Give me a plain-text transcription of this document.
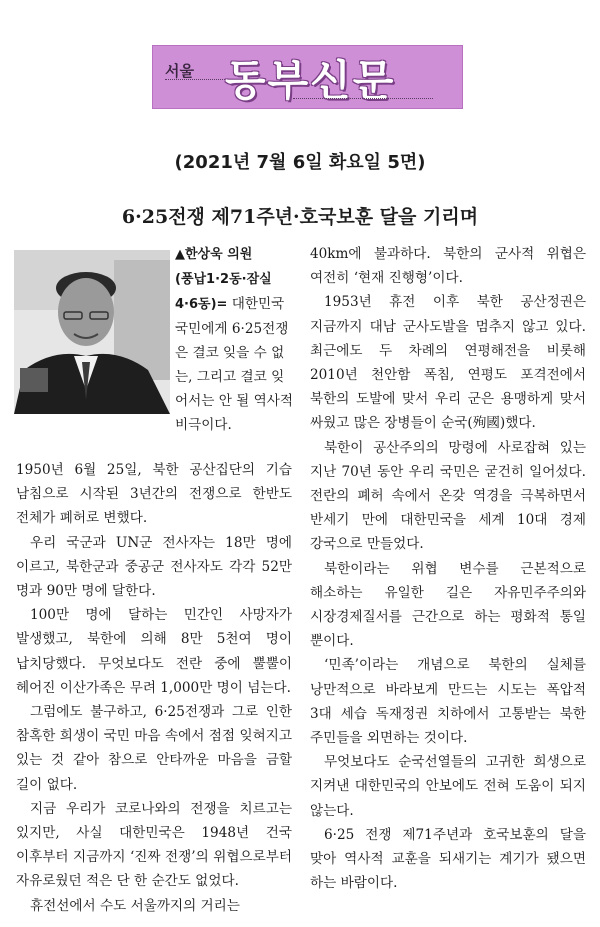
서울 동부신문
(2021년 7월 6일 화요일 5면)
6·25전쟁 제71주년·호국보훈 달을 기리며
▲한상욱 의원
(풍납1·2동·잠실 4·6동)= 대한민국 국민에게 6·25전쟁은 결코 잊을 수 없는, 그리고 결코 잊어서는 안 될 역사적 비극이다.

1950년 6월 25일, 북한 공산집단의 기습 남침으로 시작된 3년간의 전쟁으로 한반도 전체가 폐허로 변했다.

우리 국군과 UN군 전사자는 18만 명에 이르고, 북한군과 중공군 전사자도 각각 52만 명과 90만 명에 달한다.

100만 명에 달하는 민간인 사망자가 발생했고, 북한에 의해 8만 5천여 명이 납치당했다. 무엇보다도 전란 중에 뿔뿔이 헤어진 이산가족은 무려 1,000만 명이 넘는다.

그럼에도 불구하고, 6·25전쟁과 그로 인한 참혹한 희생이 국민 마음 속에서 점점 잊혀지고 있는 것 같아 참으로 안타까운 마음을 금할 길이 없다.

지금 우리가 코로나와의 전쟁을 치르고는 있지만, 사실 대한민국은 1948년 건국 이후부터 지금까지 ‘진짜 전쟁’의 위협으로부터 자유로웠던 적은 단 한 순간도 없었다.

휴전선에서 수도 서울까지의 거리는

40km에 불과하다. 북한의 군사적 위협은 여전히 ‘현재 진행형’이다.

1953년 휴전 이후 북한 공산정권은 지금까지 대남 군사도발을 멈추지 않고 있다. 최근에도 두 차례의 연평해전을 비롯해 2010년 천안함 폭침, 연평도 포격전에서 북한의 도발에 맞서 우리 군은 용맹하게 맞서 싸웠고 많은 장병들이 순국(殉國)했다.

북한이 공산주의의 망령에 사로잡혀 있는 지난 70년 동안 우리 국민은 굳건히 일어섰다. 전란의 폐허 속에서 온갖 역경을 극복하면서 반세기 만에 대한민국을 세계 10대 경제 강국으로 만들었다.

북한이라는 위협 변수를 근본적으로 해소하는 유일한 길은 자유민주주의와 시장경제질서를 근간으로 하는 평화적 통일 뿐이다.

‘민족’이라는 개념으로 북한의 실체를 낭만적으로 바라보게 만드는 시도는 폭압적 3대 세습 독재정권 치하에서 고통받는 북한 주민들을 외면하는 것이다.

무엇보다도 순국선열들의 고귀한 희생으로 지켜낸 대한민국의 안보에도 전혀 도움이 되지 않는다.

6·25 전쟁 제71주년과 호국보훈의 달을 맞아 역사적 교훈을 되새기는 계기가 됐으면 하는 바람이다.
